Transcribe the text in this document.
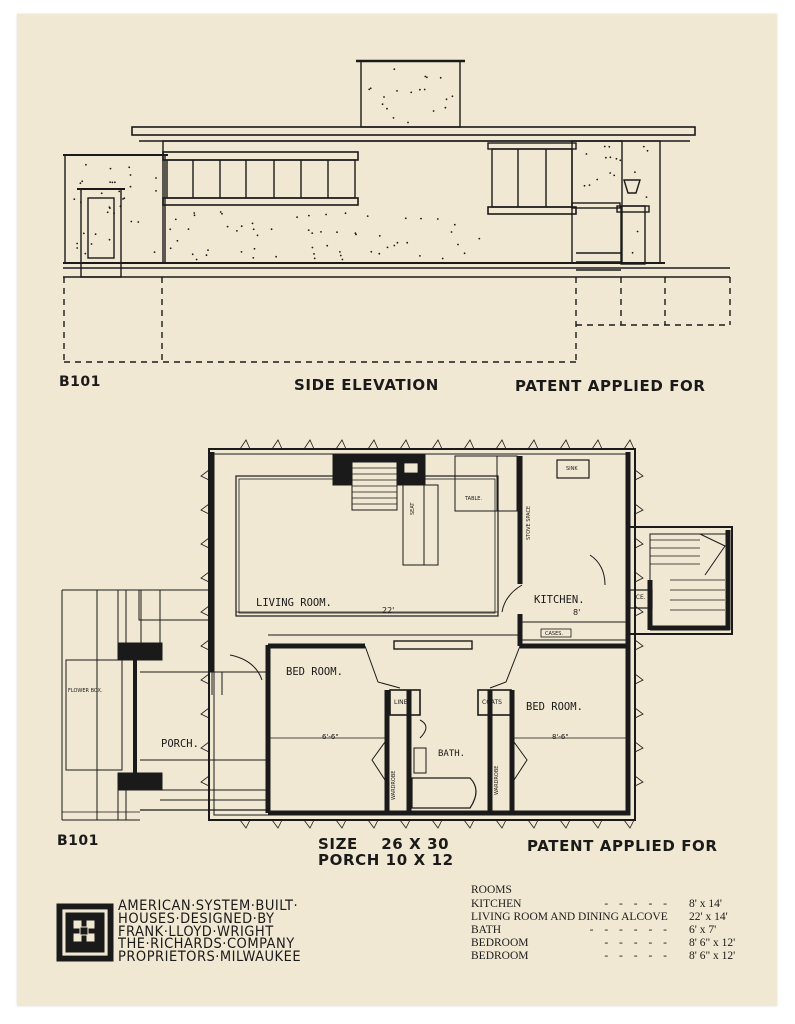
B101	SIDE ELEVATION	PATENT APPLIED FOR
LIVING ROOM.	KITCHEN.
BED ROOM.
BED ROOM.
PORCH.
BATH.
LINEN	COATS
ICE.
FLOWER BOX.
TABLE.
SINK
CASES.
STOVE SPACE
WARDROBE	WARDROBE
SEAT
22'	8'
6'-6"	8'-6"
B101	SIZE    26 X 30
PORCH 10 X 12
PATENT APPLIED FOR
AMERICAN·SYSTEM·BUILT·
HOUSES·DESIGNED·BY
FRANK·LLOYD·WRIGHT
THE·RICHARDS·COMPANY
PROPRIETORS·MILWAUKEE
ROOMS
KITCHEN	- - - - - 8' x 14'
LIVING ROOM AND DINING ALCOVE 22' x 14'
BATH	- - - - - - 6' x 7'
BEDROOM	- - - - - 8' 6" x 12'
BEDROOM	- - - - - 8' 6" x 12'
